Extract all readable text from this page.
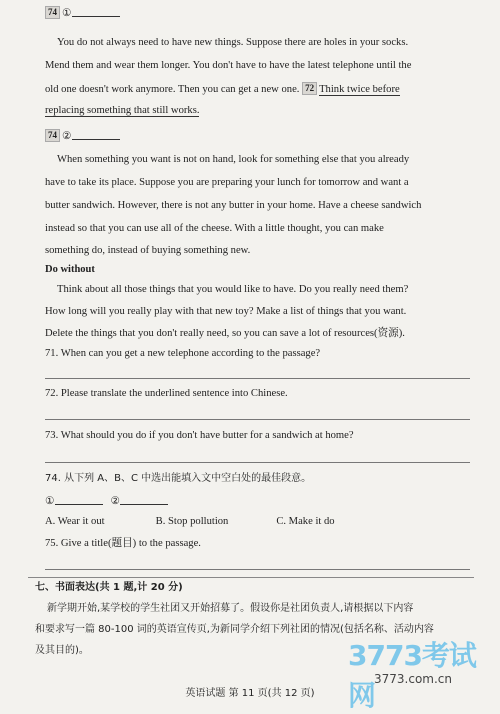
74 ①
You do not always need to have new things. Suppose there are holes in your socks.
Mend them and wear them longer. You don't have to have the latest telephone until the
old one doesn't work anymore. Then you can get a new one. 72 Think twice before
replacing something that still works.
74 ②
When something you want is not on hand, look for something else that you already
have to take its place. Suppose you are preparing your lunch for tomorrow and want a
butter sandwich. However, there is not any butter in your home. Have a cheese sandwich
instead so that you can use all of the cheese. With a little thought, you can make
something do, instead of buying something new.
Do without
Think about all those things that you would like to have. Do you really need them?
How long will you really play with that new toy? Make a list of things that you want.
Delete the things that you don't really need, so you can save a lot of resources(资源).
71. When can you get a new telephone according to the passage?
72. Please translate the underlined sentence into Chinese.
73. What should you do if you don't have butter for a sandwich at home?
74. 从下列 A、B、C 中选出能填入文中空白处的最佳段意。
①	②
A. Wear it out	B. Stop pollution	C. Make it do
75. Give a title(题目) to the passage.
七、书面表达(共 1 题,计 20 分)
新学期开始,某学校的学生社团又开始招募了。假设你是社团负责人,请根据以下内容
和要求写一篇 80-100 词的英语宣传页,为新同学介绍下列社团的情况(包括名称、活动内容
及其目的)。
英语试题 第 11 页(共 12 页)
3773考试网
3773.com.cn
